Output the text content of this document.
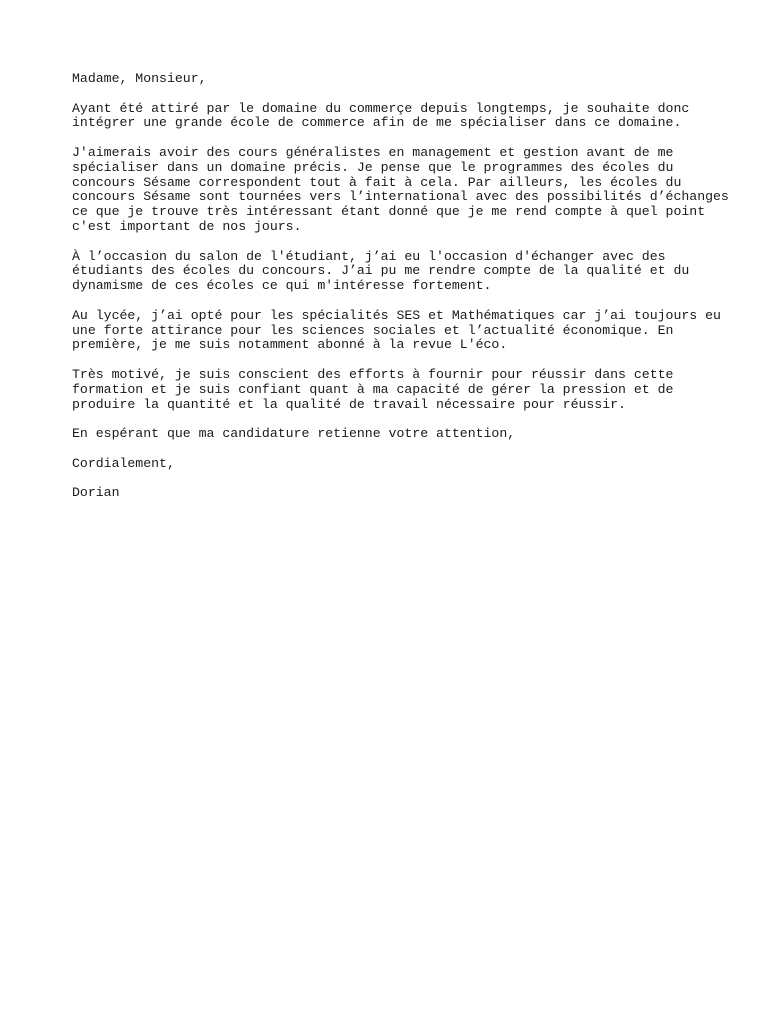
Madame, Monsieur,
Ayant été attiré par le domaine du commerçe depuis longtemps, je souhaite donc
intégrer une grande école de commerce afin de me spécialiser dans ce domaine.
J'aimerais avoir des cours généralistes en management et gestion avant de me
spécialiser dans un domaine précis. Je pense que le programmes des écoles du
concours Sésame correspondent tout à fait à cela. Par ailleurs, les écoles du
concours Sésame sont tournées vers l’international avec des possibilités d’échanges
ce que je trouve très intéressant étant donné que je me rend compte à quel point
c'est important de nos jours.
À l’occasion du salon de l'étudiant, j’ai eu l'occasion d'échanger avec des
étudiants des écoles du concours. J’ai pu me rendre compte de la qualité et du
dynamisme de ces écoles ce qui m'intéresse fortement.
Au lycée, j’ai opté pour les spécialités SES et Mathématiques car j’ai toujours eu
une forte attirance pour les sciences sociales et l’actualité économique. En
première, je me suis notamment abonné à la revue L'éco.
Très motivé, je suis conscient des efforts à fournir pour réussir dans cette
formation et je suis confiant quant à ma capacité de gérer la pression et de
produire la quantité et la qualité de travail nécessaire pour réussir.
En espérant que ma candidature retienne votre attention,
Cordialement,
Dorian
